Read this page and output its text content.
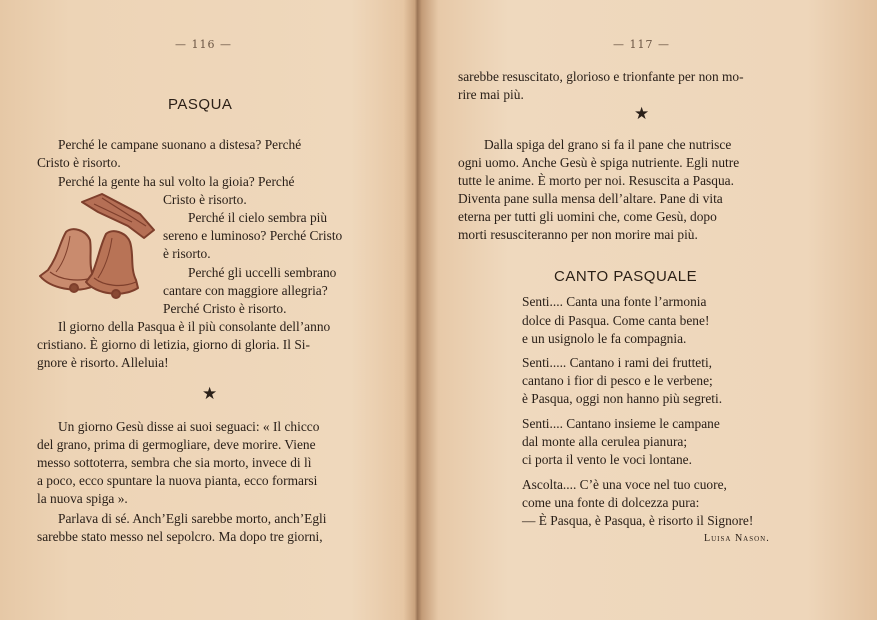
— 116 —
PASQUA
Perché le campane suonano a distesa? Perché
Cristo è risorto.
Perché la gente ha sul volto la gioia? Perché
Cristo è risorto.
Perché il cielo sembra più
sereno e luminoso? Perché Cristo
è risorto.
Perché gli uccelli sembrano
cantare con maggiore allegria?
Perché Cristo è risorto.
Il giorno della Pasqua è il più consolante dell’anno
cristiano. È giorno di letizia, giorno di gloria. Il Si-
gnore è risorto. Alleluia!
★
Un giorno Gesù disse ai suoi seguaci: « Il chicco
del grano, prima di germogliare, deve morire. Viene
messo sottoterra, sembra che sia morto, invece di lì
a poco, ecco spuntare la nuova pianta, ecco formarsi
la nuova spiga ».
Parlava di sé. Anch’Egli sarebbe morto, anch’Egli
sarebbe stato messo nel sepolcro. Ma dopo tre giorni,
— 117 —
sarebbe resuscitato, glorioso e trionfante per non mo-
rire mai più.
★
Dalla spiga del grano si fa il pane che nutrisce
ogni uomo. Anche Gesù è spiga nutriente. Egli nutre
tutte le anime. È morto per noi. Resuscita a Pasqua.
Diventa pane sulla mensa dell’altare. Pane di vita
eterna per tutti gli uomini che, come Gesù, dopo
morti resusciteranno per non morire mai più.
CANTO PASQUALE
Senti.... Canta una fonte l’armonia
dolce di Pasqua. Come canta bene!
e un usignolo le fa compagnia.
Senti..... Cantano i rami dei frutteti,
cantano i fior di pesco e le verbene;
è Pasqua, oggi non hanno più segreti.
Senti.... Cantano insieme le campane
dal monte alla cerulea pianura;
ci porta il vento le voci lontane.
Ascolta.... C’è una voce nel tuo cuore,
come una fonte di dolcezza pura:
— È Pasqua, è Pasqua, è risorto il Signore!
Luisa Nason.
